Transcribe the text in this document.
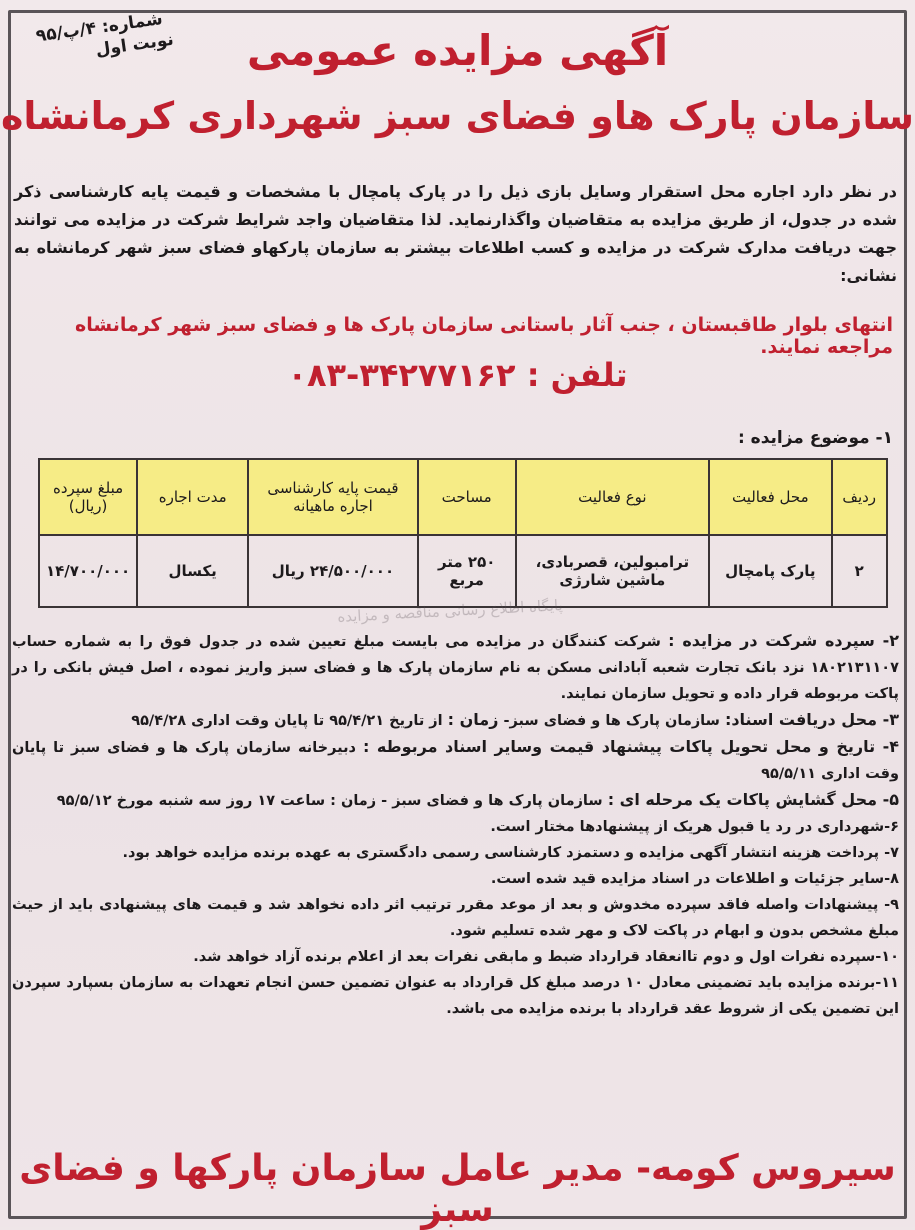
شماره: ۴/پ/۹۵
نوبت اول	آگهی مزایده عمومی
سازمان پارک هاو فضای سبز شهرداری کرمانشاه
در نظر دارد اجاره محل استقرار وسایل بازی ذیل را در پارک پامچال با مشخصات و قیمت پایه کارشناسی ذکر شده در جدول، از طریق مزایده به متقاضیان واگذارنماید. لذا متقاضیان واجد شرایط شرکت در مزایده می توانند جهت دریافت مدارک شرکت در مزایده و کسب اطلاعات بیشتر به سازمان پارکهاو فضای سبز شهر کرمانشاه به نشانی:
انتهای بلوار طاقبستان ، جنب آثار باستانی سازمان پارک ها و فضای سبز شهر کرمانشاه مراجعه نمایند.
تلفن : ۳۴۲۷۷۱۶۲-۰۸۳
۱- موضوع مزایده :
ردیف	محل فعالیت	نوع فعالیت	مساحت	قیمت پایه کارشناسی اجاره ماهیانه	مدت اجاره	مبلغ سپرده (ریال)
۲	پارک پامچال	ترامبولین، قصربادی، ماشین شارژی	۲۵۰ متر مربع	۲۴/۵۰۰/۰۰۰ ریال	یکسال	۱۴/۷۰۰/۰۰۰
پایگاه اطلاع رسانی مناقصه و مزایده

۲- سپرده شرکت در مزایده : شرکت کنندگان در مزایده می بایست مبلغ تعیین شده در جدول فوق را به شماره حساب ۱۸۰۲۱۳۱۱۰۷ نزد بانک تجارت شعبه آبادانی مسکن به نام سازمان پارک ها و فضای سبز واریز نموده ، اصل فیش بانکی را در پاکت مربوطه قرار داده و تحویل سازمان نمایند.

۳- محل دریافت اسناد: سازمان پارک ها و فضای سبز- زمان : از تاریخ ۹۵/۴/۲۱ تا پایان وقت اداری ۹۵/۴/۲۸

۴- تاریخ و محل تحویل پاکات پیشنهاد قیمت وسایر اسناد مربوطه : دبیرخانه سازمان پارک ها و فضای سبز تا پایان وقت اداری ۹۵/۵/۱۱

۵- محل گشایش پاکات یک مرحله ای : سازمان پارک ها و فضای سبز - زمان : ساعت ۱۷ روز سه شنبه مورخ ۹۵/۵/۱۲

۶-شهرداری در رد یا قبول هریک از پیشنهادها مختار است.

۷- پرداخت هزینه انتشار آگهی مزایده و دستمزد کارشناسی رسمی دادگستری به عهده برنده مزایده خواهد بود.

۸-سایر جزئیات و اطلاعات در اسناد مزایده قید شده است.

۹- پیشنهادات واصله فاقد سپرده مخدوش و بعد از موعد مقرر ترتیب اثر داده نخواهد شد و قیمت های پیشنهادی باید از حیث مبلغ مشخص بدون و ابهام در پاکت لاک و مهر شده تسلیم شود.

۱۰-سپرده نفرات اول و دوم تاانعقاد قرارداد ضبط و مابقی نفرات بعد از اعلام برنده آزاد خواهد شد.

۱۱-برنده مزایده باید تضمینی معادل ۱۰ درصد مبلغ کل قرارداد به عنوان تضمین حسن انجام تعهدات به سازمان بسپارد سپردن این تضمین یکی از شروط عقد قرارداد با برنده مزایده می باشد.

سیروس کومه- مدیر عامل سازمان پارکها و فضای سبز
